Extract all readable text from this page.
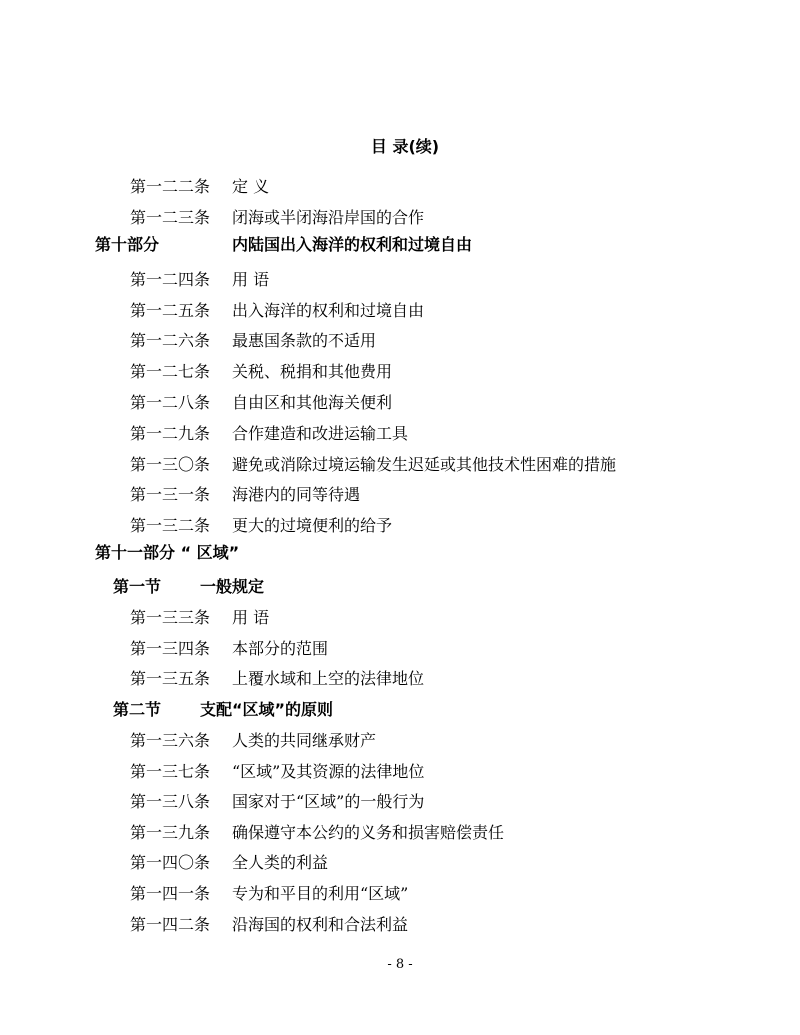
目 录(续)
第一二二条 定 义
第一二三条 闭海或半闭海沿岸国的合作
第十部分	内陆国出入海洋的权利和过境自由
第一二四条 用 语
第一二五条 出入海洋的权利和过境自由
第一二六条 最惠国条款的不适用
第一二七条 关税、税捐和其他费用
第一二八条 自由区和其他海关便利
第一二九条 合作建造和改进运输工具
第一三〇条 避免或消除过境运输发生迟延或其他技术性困难的措施
第一三一条 海港内的同等待遇
第一三二条 更大的过境便利的给予
第十一部分 “ 区域”
第一节 一般规定
第一三三条 用 语
第一三四条 本部分的范围
第一三五条 上覆水域和上空的法律地位
第二节 支配“区域”的原则
第一三六条 人类的共同继承财产
第一三七条 “区域”及其资源的法律地位
第一三八条 国家对于“区域”的一般行为
第一三九条 确保遵守本公约的义务和损害赔偿责任
第一四〇条 全人类的利益
第一四一条 专为和平目的利用“区域”
第一四二条 沿海国的权利和合法利益
- 8 -
